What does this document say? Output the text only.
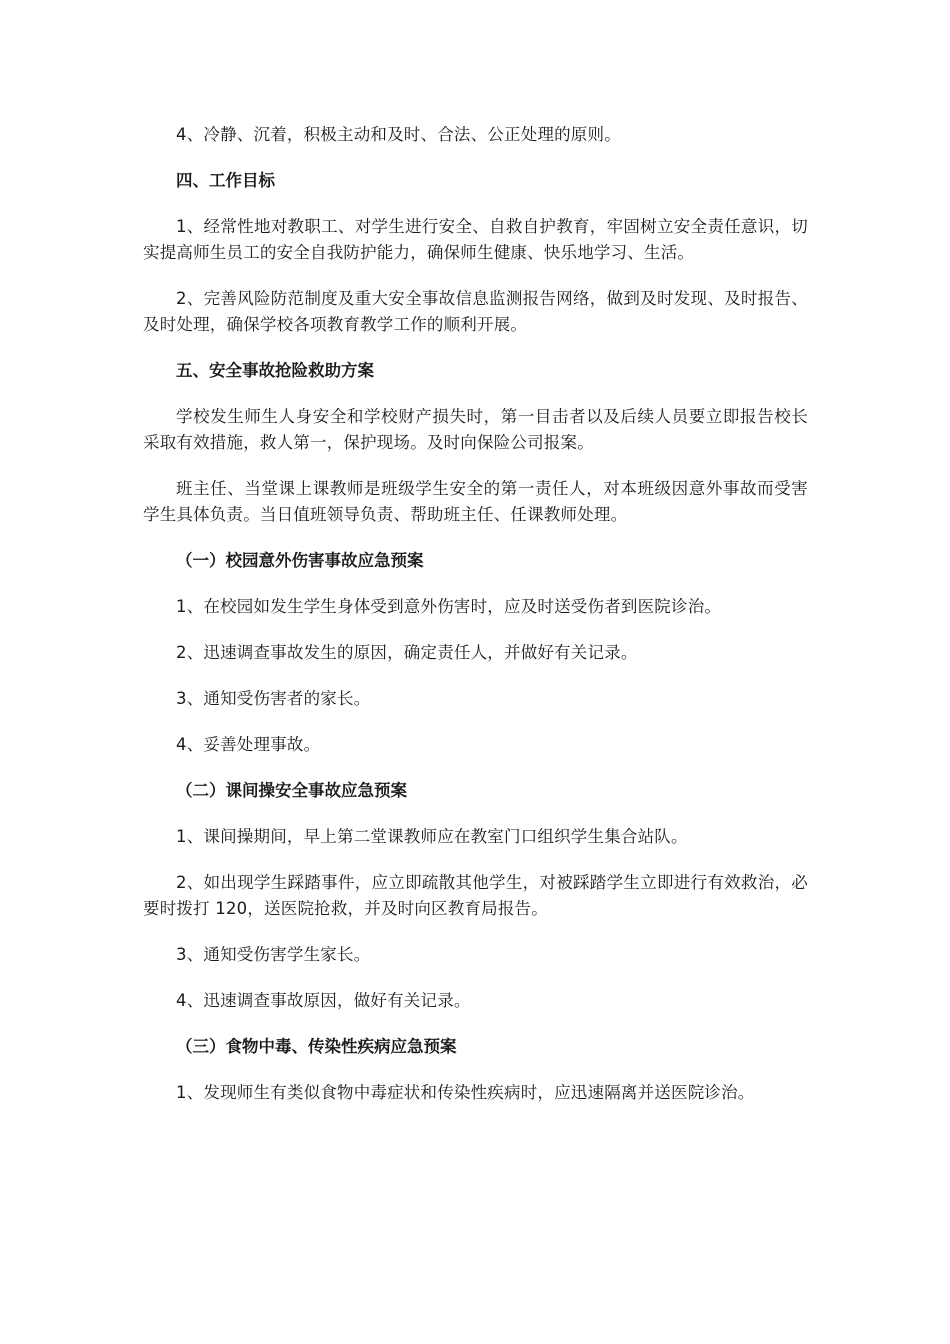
4、冷静、沉着，积极主动和及时、合法、公正处理的原则。

四、工作目标

1、经常性地对教职工、对学生进行安全、自救自护教育，牢固树立安全责任意识，切实提高师生员工的安全自我防护能力，确保师生健康、快乐地学习、生活。

2、完善风险防范制度及重大安全事故信息监测报告网络，做到及时发现、及时报告、及时处理，确保学校各项教育教学工作的顺利开展。

五、安全事故抢险救助方案

学校发生师生人身安全和学校财产损失时，第一目击者以及后续人员要立即报告校长采取有效措施，救人第一，保护现场。及时向保险公司报案。

班主任、当堂课上课教师是班级学生安全的第一责任人，对本班级因意外事故而受害学生具体负责。当日值班领导负责、帮助班主任、任课教师处理。

（一）校园意外伤害事故应急预案

1、在校园如发生学生身体受到意外伤害时，应及时送受伤者到医院诊治。

2、迅速调查事故发生的原因，确定责任人，并做好有关记录。

3、通知受伤害者的家长。

4、妥善处理事故。

（二）课间操安全事故应急预案

1、课间操期间，早上第二堂课教师应在教室门口组织学生集合站队。

2、如出现学生踩踏事件，应立即疏散其他学生，对被踩踏学生立即进行有效救治，必要时拨打 120，送医院抢救，并及时向区教育局报告。

3、通知受伤害学生家长。

4、迅速调查事故原因，做好有关记录。

（三）食物中毒、传染性疾病应急预案

1、发现师生有类似食物中毒症状和传染性疾病时，应迅速隔离并送医院诊治。
